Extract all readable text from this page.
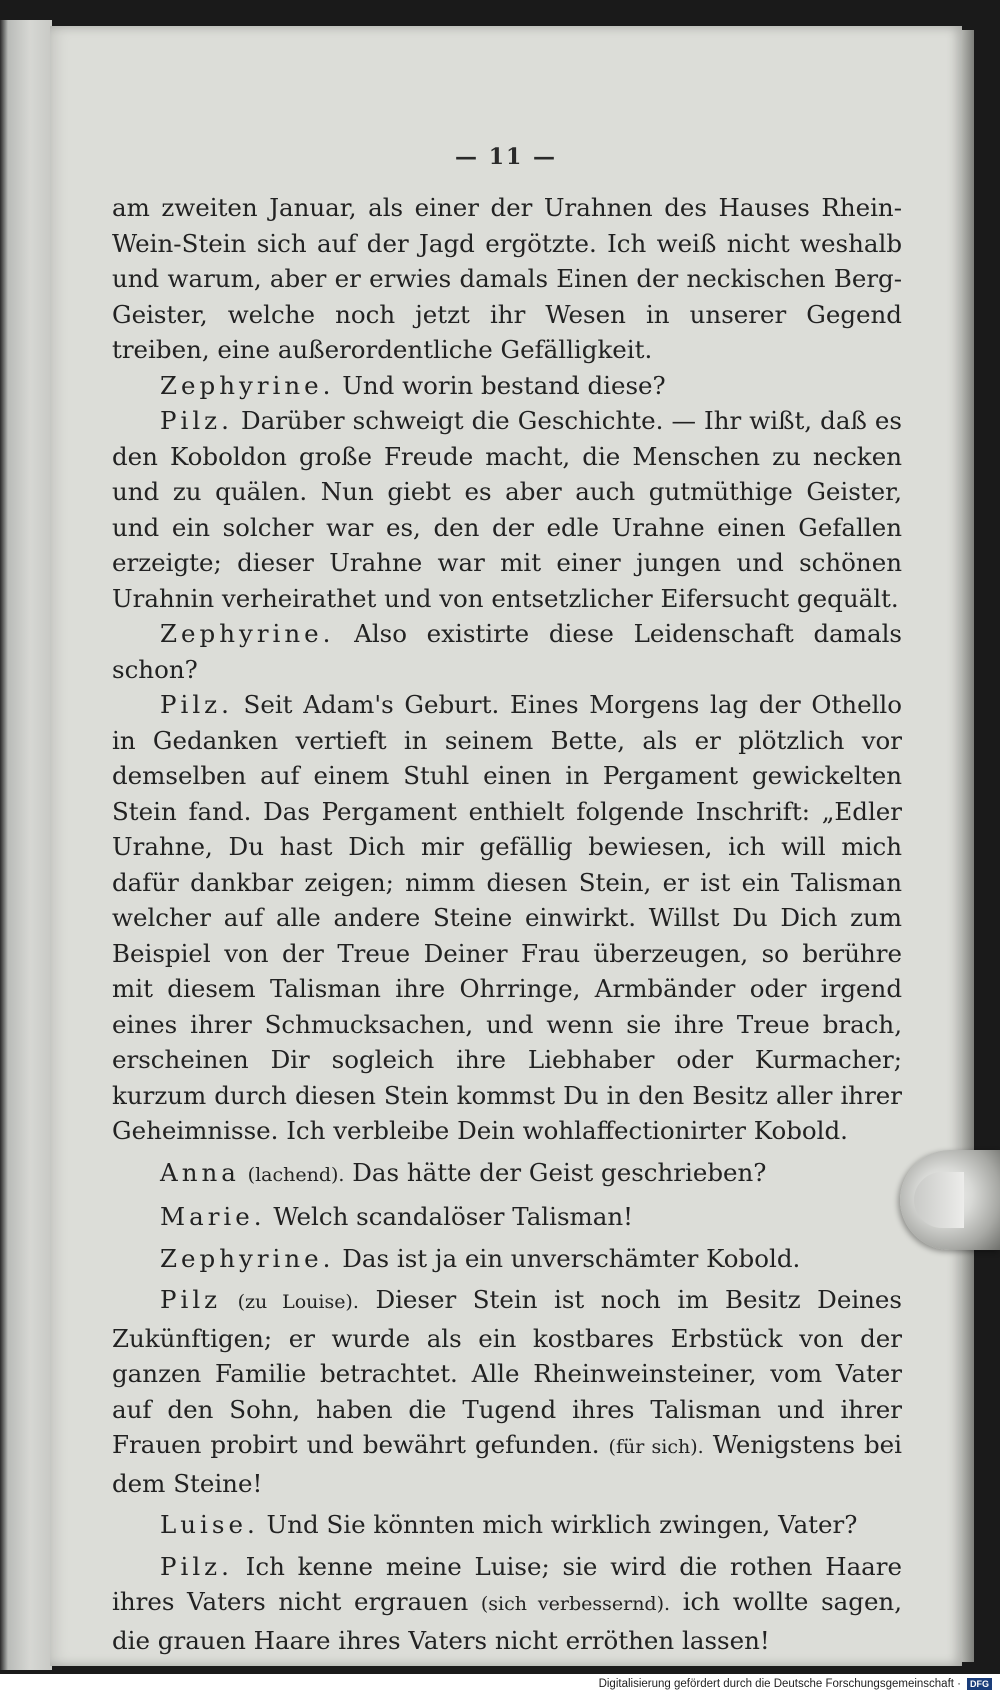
— 11 —

am zweiten Januar, als einer der Urahnen des Hauses Rhein-Wein-Stein sich auf der Jagd ergötzte. Ich weiß nicht weshalb und warum, aber er erwies damals Einen der neckischen Berg-Geister, welche noch jetzt ihr Wesen in unserer Gegend treiben, eine außerordentliche Gefälligkeit.

Zephyrine. Und worin bestand diese?

Pilz. Darüber schweigt die Geschichte. — Ihr wißt, daß es den Koboldon große Freude macht, die Menschen zu necken und zu quälen. Nun giebt es aber auch gutmüthige Geister, und ein solcher war es, den der edle Urahne einen Gefallen erzeigte; dieser Urahne war mit einer jungen und schönen Urahnin verheirathet und von entsetzlicher Eifersucht gequält.

Zephyrine. Also existirte diese Leidenschaft damals schon?

Pilz. Seit Adam's Geburt. Eines Morgens lag der Othello in Gedanken vertieft in seinem Bette, als er plötzlich vor demselben auf einem Stuhl einen in Pergament gewickelten Stein fand. Das Pergament enthielt folgende Inschrift: „Edler Urahne, Du hast Dich mir gefällig bewiesen, ich will mich dafür dankbar zeigen; nimm diesen Stein, er ist ein Talisman welcher auf alle andere Steine einwirkt. Willst Du Dich zum Beispiel von der Treue Deiner Frau überzeugen, so berühre mit diesem Talisman ihre Ohrringe, Armbänder oder irgend eines ihrer Schmucksachen, und wenn sie ihre Treue brach, erscheinen Dir sogleich ihre Liebhaber oder Kurmacher; kurzum durch diesen Stein kommst Du in den Besitz aller ihrer Geheimnisse. Ich verbleibe Dein wohlaffectionirter Kobold.

Anna (lachend). Das hätte der Geist geschrieben?

Marie. Welch scandalöser Talisman!

Zephyrine. Das ist ja ein unverschämter Kobold.

Pilz (zu Louise). Dieser Stein ist noch im Besitz Deines Zukünftigen; er wurde als ein kostbares Erbstück von der ganzen Familie betrachtet. Alle Rheinweinsteiner, vom Vater auf den Sohn, haben die Tugend ihres Talisman und ihrer Frauen probirt und bewährt gefunden. (für sich). Wenigstens bei dem Steine!

Luise. Und Sie könnten mich wirklich zwingen, Vater?

Pilz. Ich kenne meine Luise; sie wird die rothen Haare ihres Vaters nicht ergrauen (sich verbessernd). ich wollte sagen, die grauen Haare ihres Vaters nicht erröthen lassen!

Digitalisierung gefördert durch die Deutsche Forschungsgemeinschaft ·	DFG
